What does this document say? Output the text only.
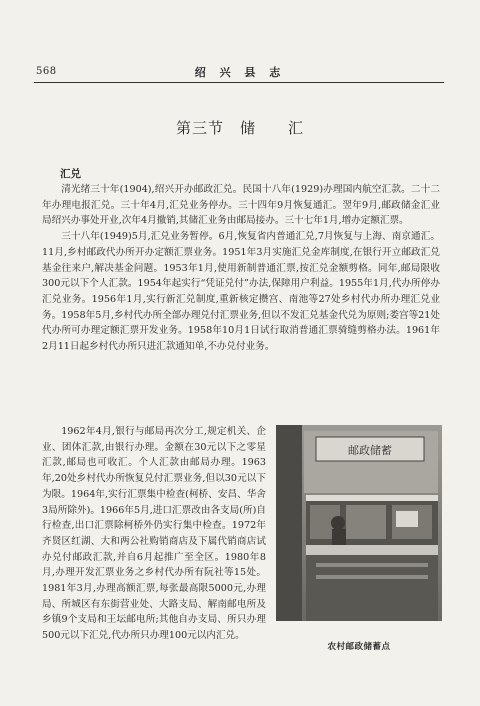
568	绍 兴 县 志
第三节　储　　汇
汇兑

清光绪三十年(1904),绍兴开办邮政汇兑。民国十八年(1929)办理国内航空汇款。二十二年办理电报汇兑。三十年4月,汇兑业务停办。三十四年9月恢复通汇。翌年9月,邮政储金汇业局绍兴办事处开业,次年4月撤销,其储汇业务由邮局接办。三十七年1月,增办定额汇票。

三十八年(1949)5月,汇兑业务暂停。6月,恢复省内普通汇兑,7月恢复与上海、南京通汇。11月,乡村邮政代办所开办定额汇票业务。1951年3月实施汇兑金库制度,在银行开立邮政汇兑基金往来户,解决基金问题。1953年1月,使用新制普通汇票,按汇兑金额剪格。同年,邮局限收300元以下个人汇款。1954年起实行“凭证兑付”办法,保障用户利益。1955年1月,代办所停办汇兑业务。1956年1月,实行新汇兑制度,重新核定攒宫、南池等27处乡村代办所办理汇兑业务。1958年5月,乡村代办所全部办理兑付汇票业务,但以不发汇兑基金代兑为原则;娄宫等21处代办所可办理定额汇票开发业务。1958年10月1日试行取消普通汇票骑缝剪格办法。1961年2月11日起乡村代办所只进汇款通知单,不办兑付业务。

1962年4月,银行与邮局再次分工,规定机关、企业、团体汇款,由银行办理。金额在30元以下之零星汇款,邮局也可收汇。个人汇款由邮局办理。1963年,20处乡村代办所恢复兑付汇票业务,但以30元以下为限。1964年,实行汇票集中检查(柯桥、安昌、华舍3局所除外)。1966年5月,进口汇票改由各支局(所)自行检查,出口汇票除柯桥外仍实行集中检查。1972年齐贤区红湖、大和两公社购销商店及下属代销商店试办兑付邮政汇款,并自6月起推广至全区。1980年8月,办理开发汇票业务之乡村代办所有阮社等15处。1981年3月,办理高额汇票,每张最高限5000元,办理局、所城区有东街营业处、大路支局、解南邮电所及乡镇9个支局和王坛邮电所;其他自办支局、所只办理500元以下汇兑,代办所只办理100元以内汇兑。

邮政储蓄
农村邮政储蓄点
